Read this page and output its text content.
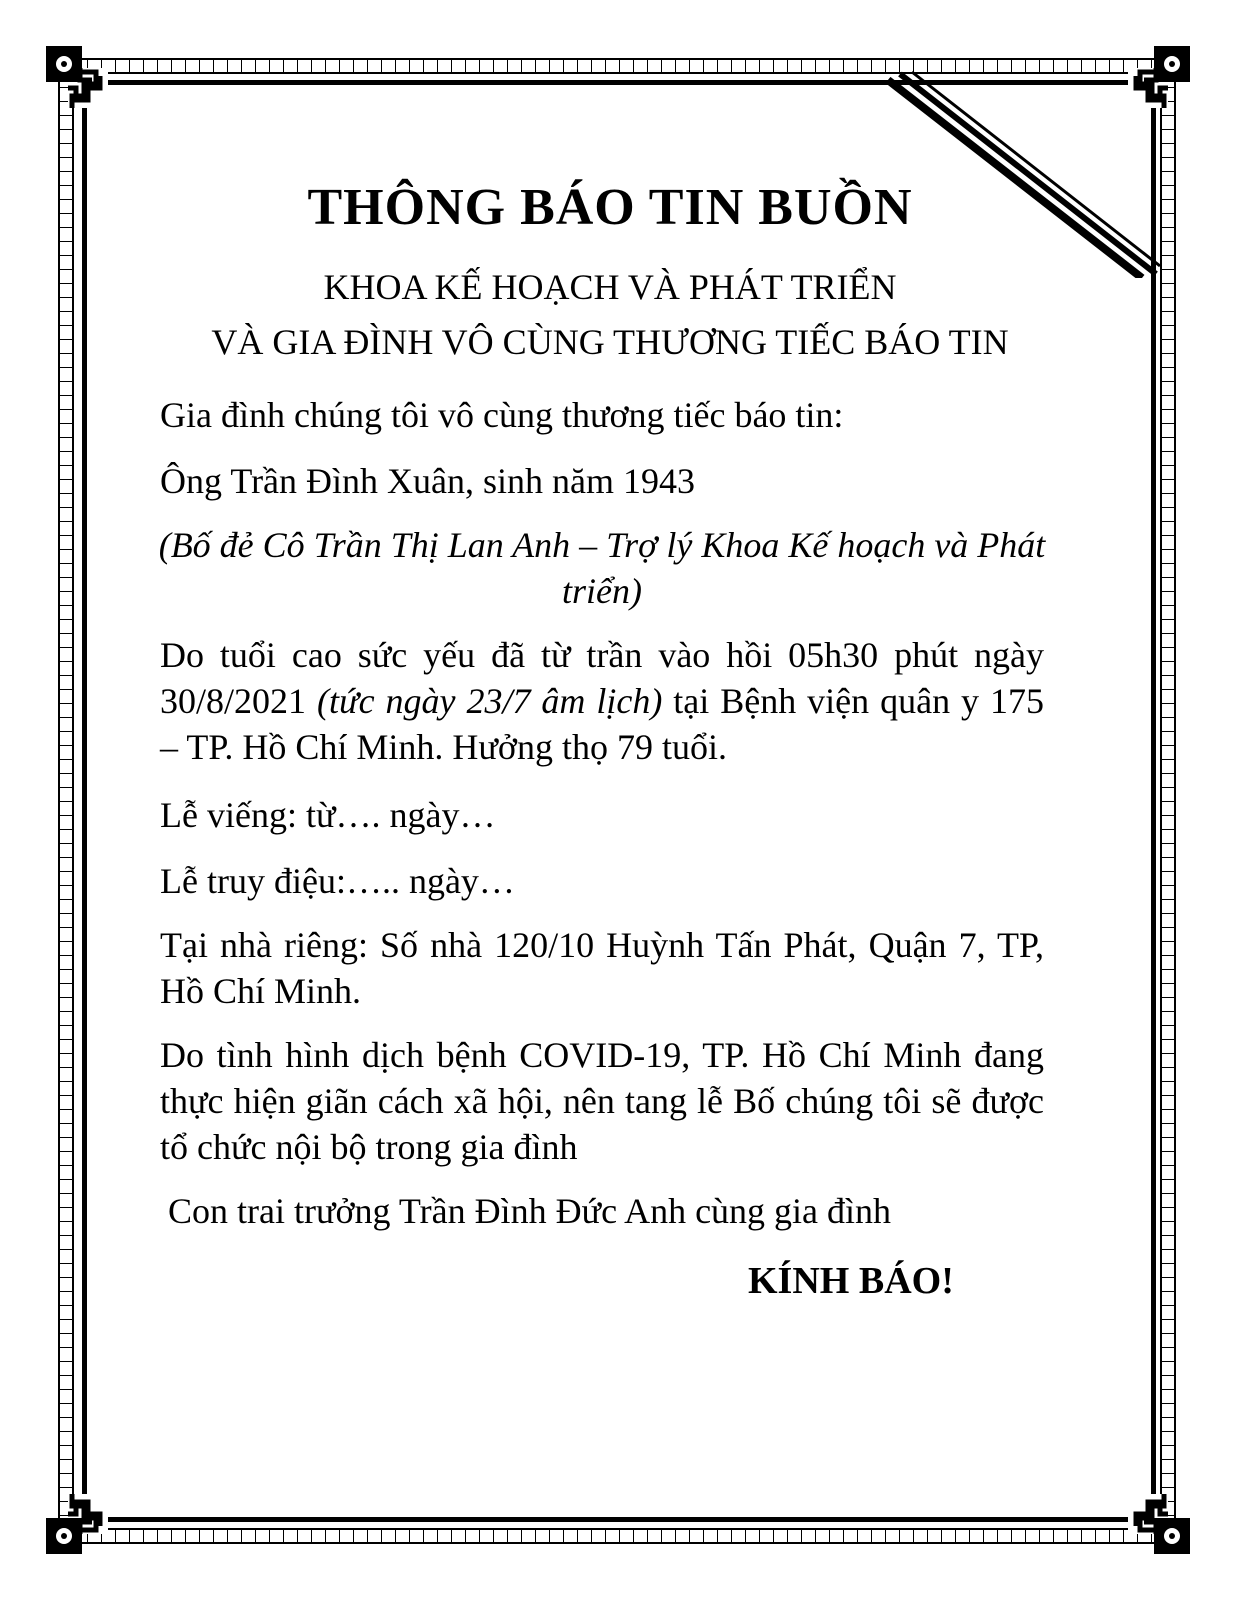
THÔNG BÁO TIN BUỒN

KHOA KẾ HOẠCH VÀ PHÁT TRIỂN

VÀ GIA ĐÌNH VÔ CÙNG THƯƠNG TIẾC BÁO TIN

Gia đình chúng tôi vô cùng thương tiếc báo tin:

Ông Trần Đình Xuân, sinh năm 1943

(Bố đẻ Cô Trần Thị Lan Anh – Trợ lý Khoa Kế hoạch và Phát triển)

Do tuổi cao sức yếu đã từ trần vào hồi 05h30 phút ngày 30/8/2021 (tức ngày 23/7 âm lịch) tại Bệnh viện quân y 175 – TP. Hồ Chí Minh. Hưởng thọ 79 tuổi.

Lễ viếng: từ…. ngày…

Lễ truy điệu:….. ngày…

Tại nhà riêng: Số nhà 120/10 Huỳnh Tấn Phát, Quận 7, TP, Hồ Chí Minh.

Do tình hình dịch bệnh COVID-19, TP. Hồ Chí Minh đang thực hiện giãn cách xã hội, nên tang lễ Bố chúng tôi sẽ được tổ chức nội bộ trong gia đình

Con trai trưởng Trần Đình Đức Anh cùng gia đình

KÍNH BÁO!
